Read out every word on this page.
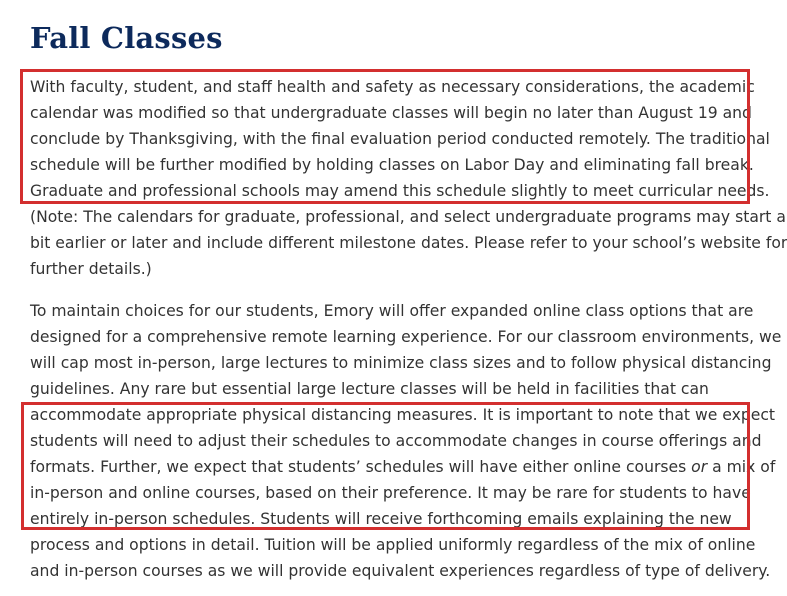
Fall Classes
With faculty, student, and staff health and safety as necessary considerations, the academic
calendar was modified so that undergraduate classes will begin no later than August 19 and
conclude by Thanksgiving, with the final evaluation period conducted remotely. The traditional
schedule will be further modified by holding classes on Labor Day and eliminating fall break.
Graduate and professional schools may amend this schedule slightly to meet curricular needs.
(Note: The calendars for graduate, professional, and select undergraduate programs may start a
bit earlier or later and include different milestone dates. Please refer to your school’s website for
further details.)
To maintain choices for our students, Emory will offer expanded online class options that are
designed for a comprehensive remote learning experience. For our classroom environments, we
will cap most in-person, large lectures to minimize class sizes and to follow physical distancing
guidelines. Any rare but essential large lecture classes will be held in facilities that can
accommodate appropriate physical distancing measures. It is important to note that we expect
students will need to adjust their schedules to accommodate changes in course offerings and
formats. Further, we expect that students’ schedules will have either online courses or a mix of
in-person and online courses, based on their preference. It may be rare for students to have
entirely in-person schedules. Students will receive forthcoming emails explaining the new
process and options in detail. Tuition will be applied uniformly regardless of the mix of online
and in-person courses as we will provide equivalent experiences regardless of type of delivery.
